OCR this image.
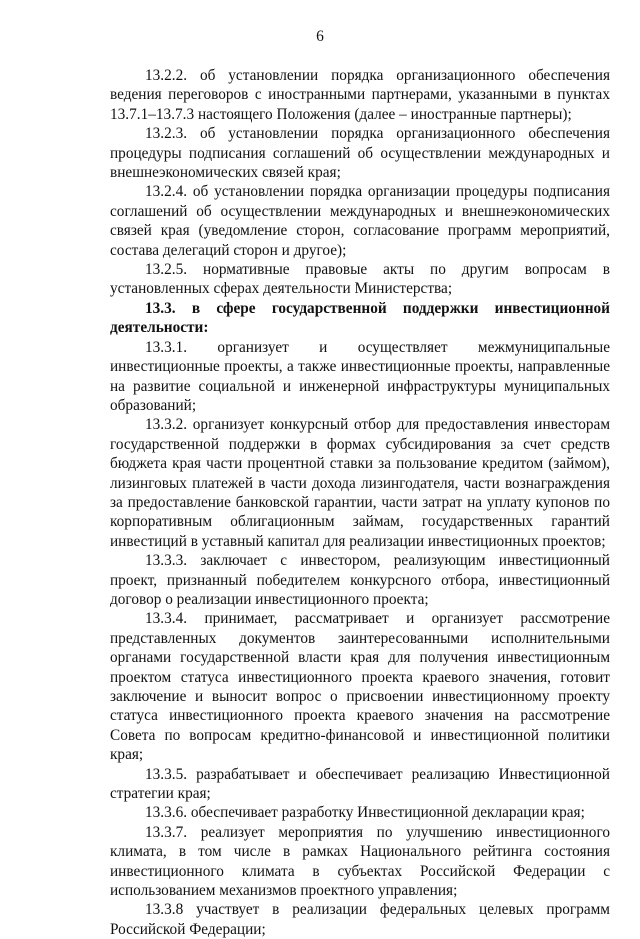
6

13.2.2. об установлении порядка организационного обеспечения ведения переговоров с иностранными партнерами, указанными в пунктах 13.7.1–13.7.3 настоящего Положения (далее – иностранные партнеры);

13.2.3. об установлении порядка организационного обеспечения процедуры подписания соглашений об осуществлении международных и внешнеэкономических связей края;

13.2.4. об установлении порядка организации процедуры подписания соглашений об осуществлении международных и внешнеэкономических связей края (уведомление сторон, согласование программ мероприятий, состава делегаций сторон и другое);

13.2.5. нормативные правовые акты по другим вопросам в установленных сферах деятельности Министерства;

13.3. в сфере государственной поддержки инвестиционной деятельности:

13.3.1. организует и осуществляет межмуниципальные инвестиционные проекты, а также инвестиционные проекты, направленные на развитие социальной и инженерной инфраструктуры муниципальных образований;

13.3.2. организует конкурсный отбор для предоставления инвесторам государственной поддержки в формах субсидирования за счет средств бюджета края части процентной ставки за пользование кредитом (займом), лизинговых платежей в части дохода лизингодателя, части вознаграждения за предоставление банковской гарантии, части затрат на уплату купонов по корпоративным облигационным займам, государственных гарантий инвестиций в уставный капитал для реализации инвестиционных проектов;

13.3.3. заключает с инвестором, реализующим инвестиционный проект, признанный победителем конкурсного отбора, инвестиционный договор о реализации инвестиционного проекта;

13.3.4. принимает, рассматривает и организует рассмотрение представленных документов заинтересованными исполнительными органами государственной власти края для получения инвестиционным проектом статуса инвестиционного проекта краевого значения, готовит заключение и выносит вопрос о присвоении инвестиционному проекту статуса инвестиционного проекта краевого значения на рассмотрение Совета по вопросам кредитно-финансовой и инвестиционной политики края;

13.3.5. разрабатывает и обеспечивает реализацию Инвестиционной стратегии края;

13.3.6. обеспечивает разработку Инвестиционной декларации края;

13.3.7. реализует мероприятия по улучшению инвестиционного климата, в том числе в рамках Национального рейтинга состояния инвестиционного климата в субъектах Российской Федерации с использованием механизмов проектного управления;

13.3.8 участвует в реализации федеральных целевых программ Российской Федерации;
